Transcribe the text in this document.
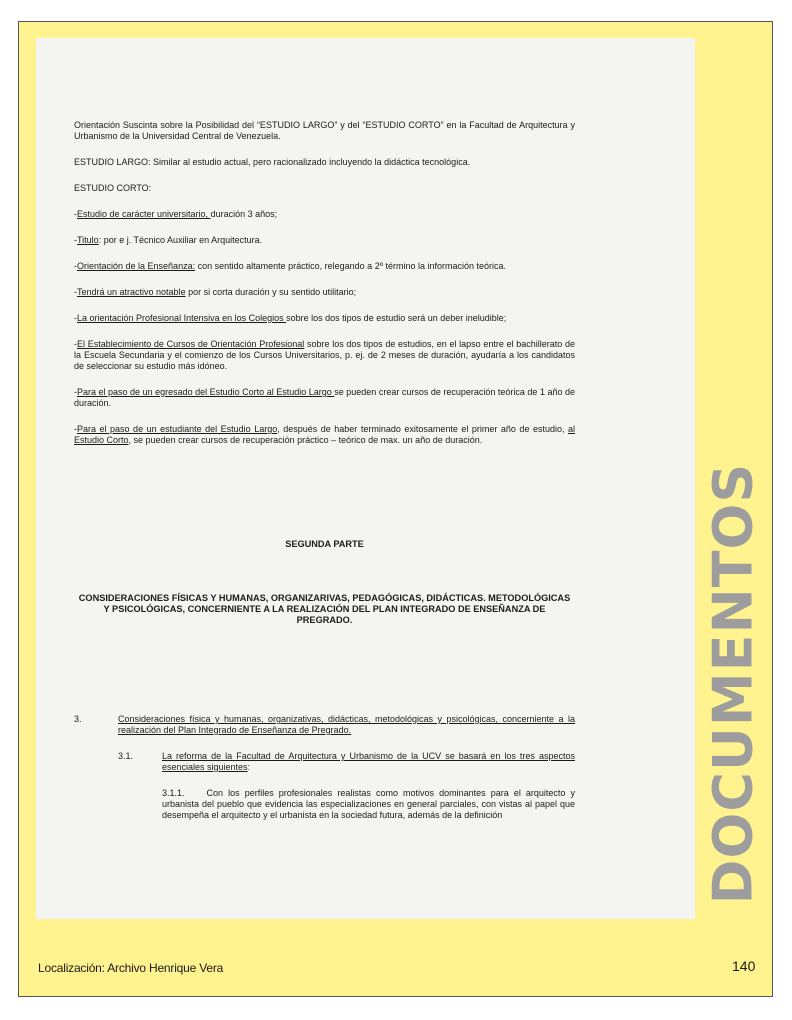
Orientación Suscinta sobre la Posibilidad del “ESTUDIO LARGO” y del “ESTUDIO CORTO” en la Facultad de Arquitectura y Urbanismo de la Universidad Central de Venezuela.

ESTUDIO LARGO: Similar al estudio actual, pero racionalizado incluyendo la didáctica tecnológica.

ESTUDIO CORTO:

-Estudio de carácter universitario, duración 3 años;

-Titulo: por e j. Técnico Auxiliar en Arquitectura.

-Orientación de la Enseñanza: con sentido altamente práctico, relegando a 2º término la información teórica.

-Tendrá un atractivo notable por si corta duración y su sentido utilitario;

-La orientación Profesional Intensiva en los Colegios sobre los dos tipos de estudio será un deber ineludible;

-El Establecimiento de Cursos de Orientación Profesional sobre los dos tipos de estudios, en el lapso entre el bachillerato de la Escuela Secundaria y el comienzo de los Cursos Universitarios, p. ej. de 2 meses de duración, ayudaría a los candidatos de seleccionar su estudio más idóneo.

-Para el paso de un egresado del Estudio Corto al Estudio Largo se pueden crear cursos de recuperación teórica de 1 año de duración.

-Para el paso de un estudiante del Estudio Largo, después de haber terminado exitosamente el primer año de estudio, al Estudio Corto, se pueden crear cursos de recuperación práctico – teórico de max. un año de duración.

SEGUNDA PARTE

CONSIDERACIONES FÍSICAS Y HUMANAS, ORGANIZARIVAS, PEDAGÓGICAS, DIDÁCTICAS. METODOLÓGICAS Y PSICOLÓGICAS, CONCERNIENTE A LA REALIZACIÓN DEL PLAN INTEGRADO DE ENSEÑANZA DE PREGRADO.

3.	Consideraciones física y humanas, organizativas, didácticas, metodológicas y psicológicas, concerniente a la realización del Plan Integrado de Enseñanza de Pregrado.
3.1.	La reforma de la Facultad de Arquitectura y Urbanismo de la UCV se basará en los tres aspectos esenciales siguientes:

3.1.1. Con los perfiles profesionales realistas como motivos dominantes para el arquitecto y urbanista del pueblo que evidencia las especializaciones en general parciales, con vistas al papel que desempeña el arquitecto y el urbanista en la sociedad futura, además de la definición	DOCUMENTOS
Localización: Archivo Henrique Vera	140
